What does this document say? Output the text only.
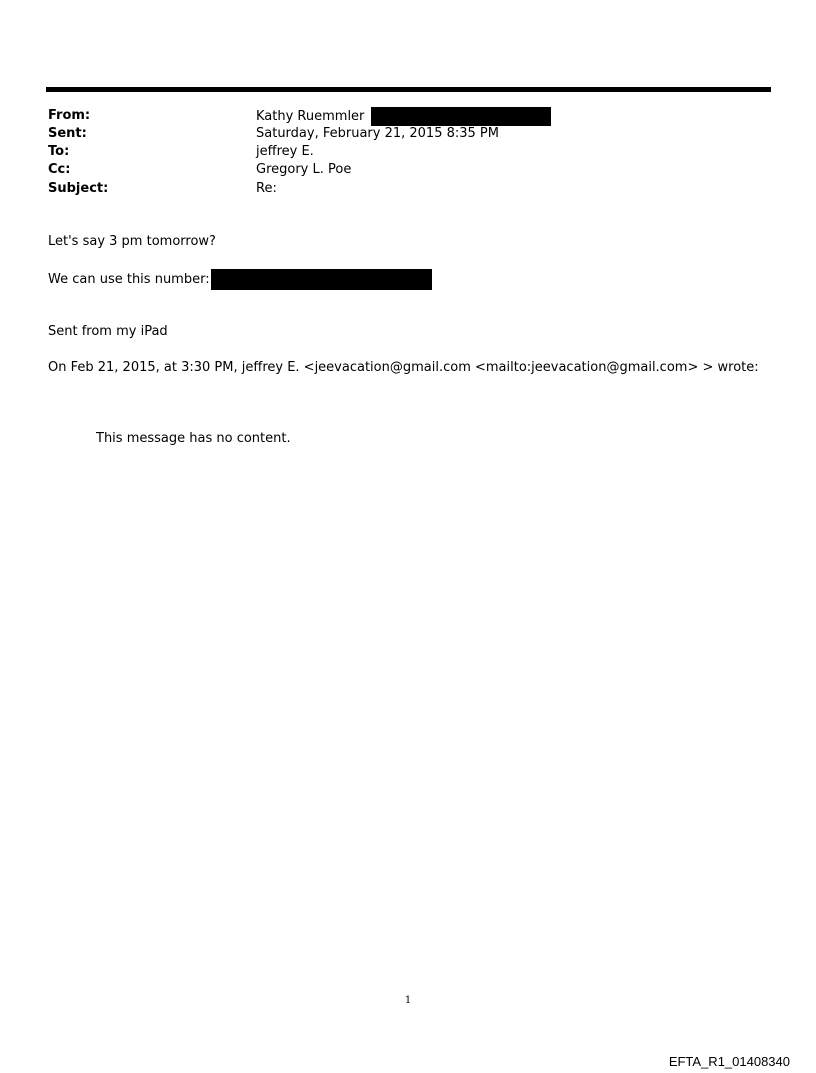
From:	Kathy Ruemmler
Sent:	Saturday, February 21, 2015 8:35 PM
To:	jeffrey E.
Cc:	Gregory L. Poe
Subject:	Re:
Let's say 3 pm tomorrow?
We can use this number:
Sent from my iPad
On Feb 21, 2015, at 3:30 PM, jeffrey E. <jeevacation@gmail.com <mailto:jeevacation@gmail.com> > wrote:
This message has no content.
1
EFTA_R1_01408340
